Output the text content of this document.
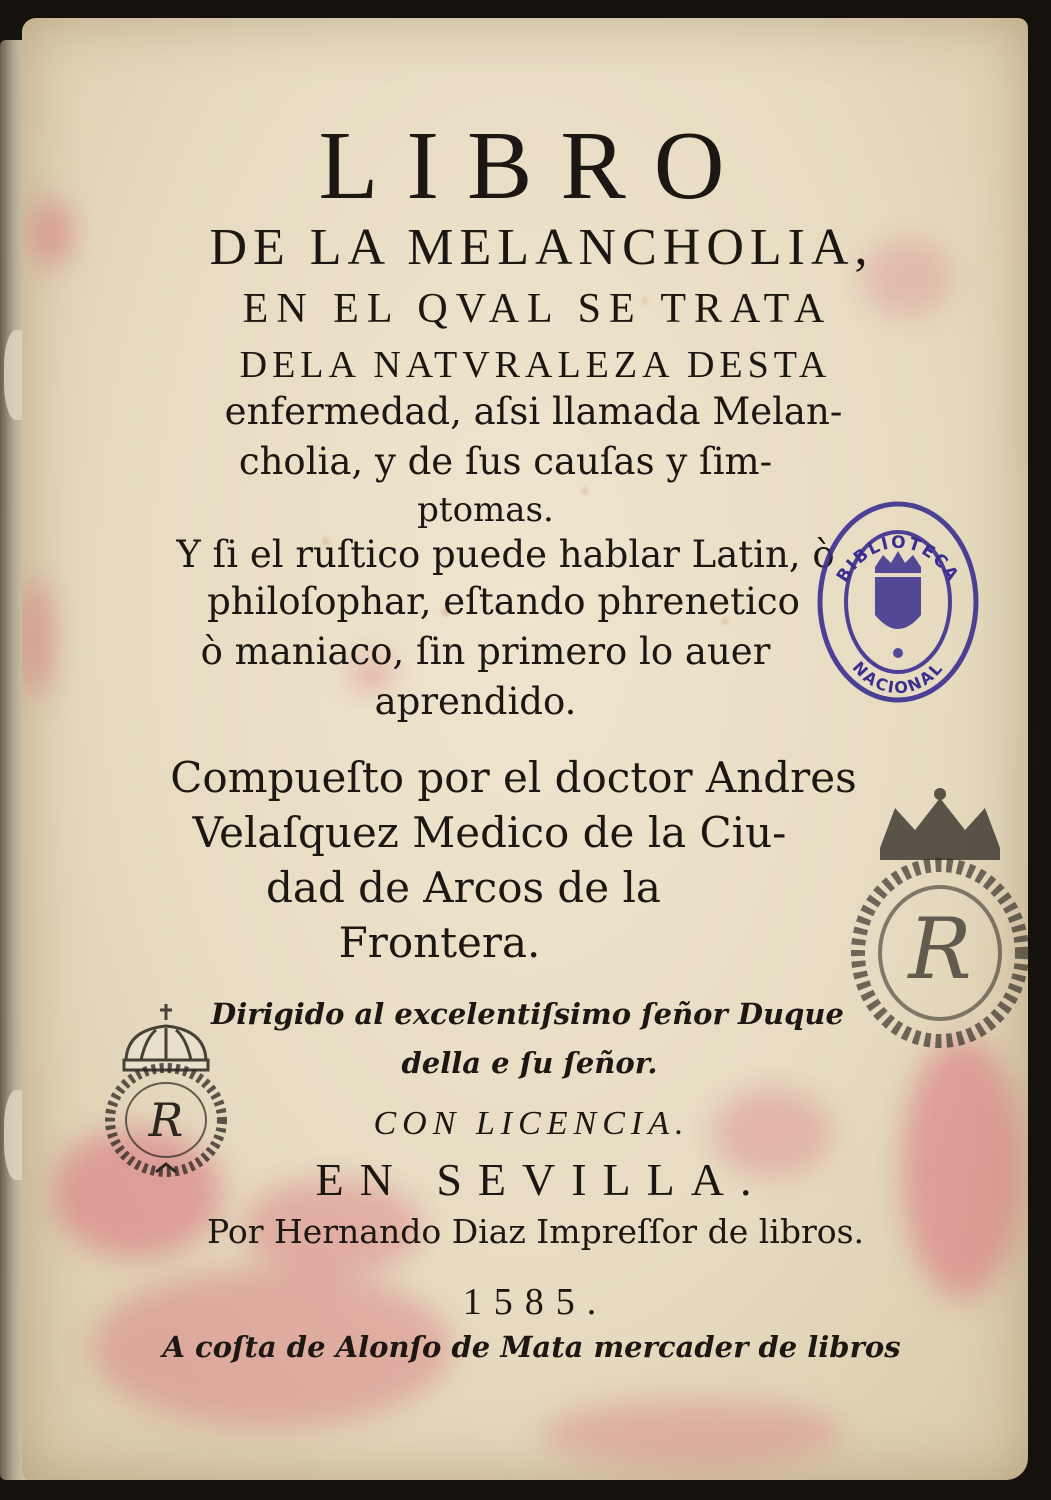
LIBRO
DE LA MELANCHOLIA,
EN EL QVAL SE TRATA
DELA NATVRALEZA DESTA
enfermedad, aſsi llamada Melan-
cholia, y de ſus cauſas y ſim-
ptomas.
Y ſi el ruſtico puede hablar Latin, ò
philoſophar, eſtando phrenetico
ò maniaco, ſin primero lo auer
aprendido.
Compueſto por el doctor Andres
Velaſquez Medico de la Ciu-
dad de Arcos de la
Frontera.
Dirigido al excelentiſsimo ſeñor Duque
della e ſu ſeñor.
CON LICENCIA.
EN SEVILLA.
Por Hernando Diaz Impreſſor de libros.
1585.
A coſta de Alonſo de Mata mercader de libros
BIBLIOTECA
NACIONAL
R
R
